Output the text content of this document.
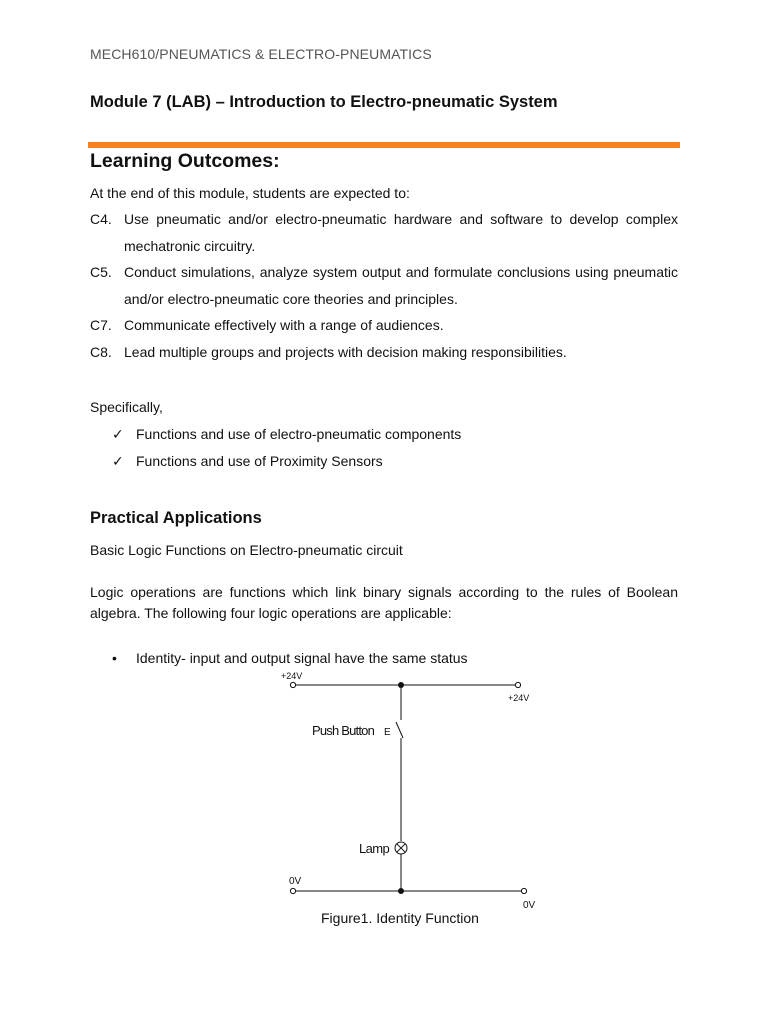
MECH610/PNEUMATICS & ELECTRO-PNEUMATICS
Module 7 (LAB) – Introduction to Electro-pneumatic System
Learning Outcomes:
At the end of this module, students are expected to:
C4. Use pneumatic and/or electro-pneumatic hardware and software to develop complex mechatronic circuitry.
C5. Conduct simulations, analyze system output and formulate conclusions using pneumatic and/or electro-pneumatic core theories and principles.
C7. Communicate effectively with a range of audiences.
C8. Lead multiple groups and projects with decision making responsibilities.
Specifically,
✓ Functions and use of electro-pneumatic components
✓ Functions and use of Proximity Sensors
Practical Applications
Basic Logic Functions on Electro-pneumatic circuit
Logic operations are functions which link binary signals according to the rules of Boolean algebra. The following four logic operations are applicable:
•	Identity- input and output signal have the same status
+24V
+24V
Push Button E
Lamp
0V
0V
Figure1. Identity Function
